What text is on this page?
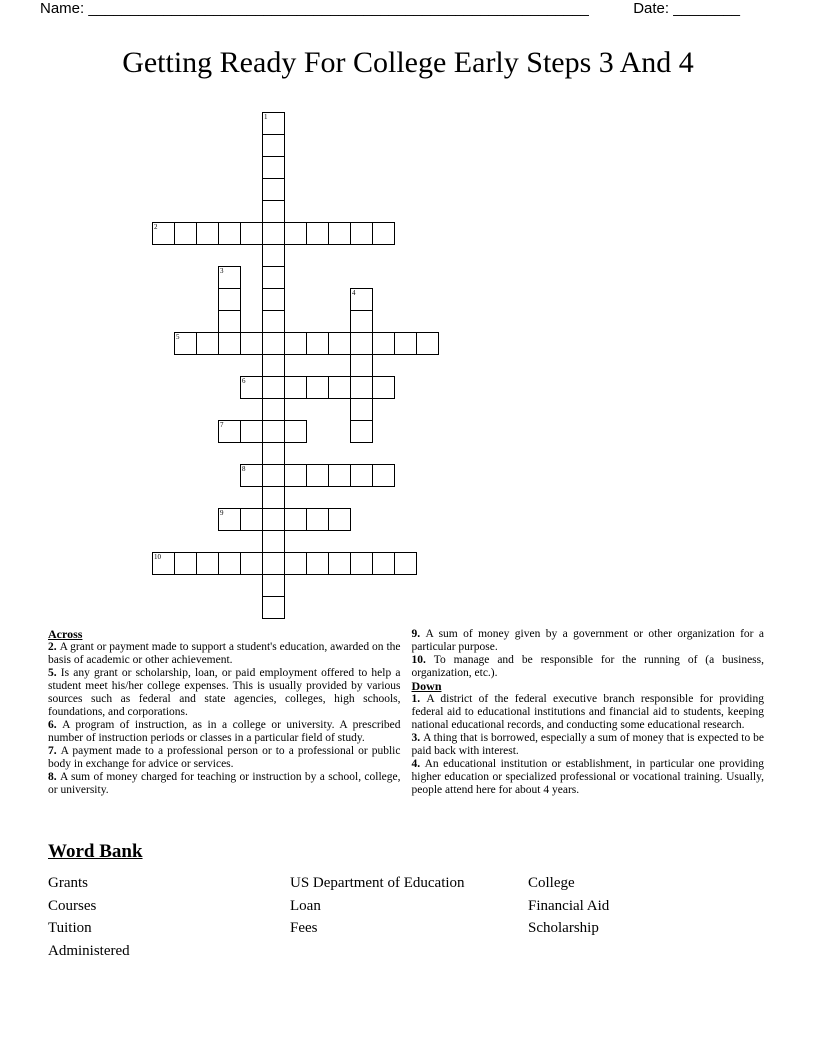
Name: ____________________________________________________________	Date: ________
Getting Ready For College Early Steps 3 And 4
1
2
3
4
5
6
7
8
9
10
Across
2. A grant or payment made to support a student's education, awarded on the basis of academic or other achievement.
5. Is any grant or scholarship, loan, or paid employment offered to help a student meet his/her college expenses. This is usually provided by various sources such as federal and state agencies, colleges, high schools, foundations, and corporations.
6. A program of instruction, as in a college or university. A prescribed number of instruction periods or classes in a particular field of study.
7. A payment made to a professional person or to a professional or public body in exchange for advice or services.
8. A sum of money charged for teaching or instruction by a school, college, or university.
9. A sum of money given by a government or other organization for a particular purpose.
10. To manage and be responsible for the running of (a business, organization, etc.).
Down
1. A district of the federal executive branch responsible for providing federal aid to educational institutions and financial aid to students, keeping national educational records, and conducting some educational research.
3. A thing that is borrowed, especially a sum of money that is expected to be paid back with interest.
4. An educational institution or establishment, in particular one providing higher education or specialized professional or vocational training. Usually, people attend here for about 4 years.
Word Bank
Grants
Courses
Tuition
Administered
US Department of Education
Loan
Fees
College
Financial Aid
Scholarship
